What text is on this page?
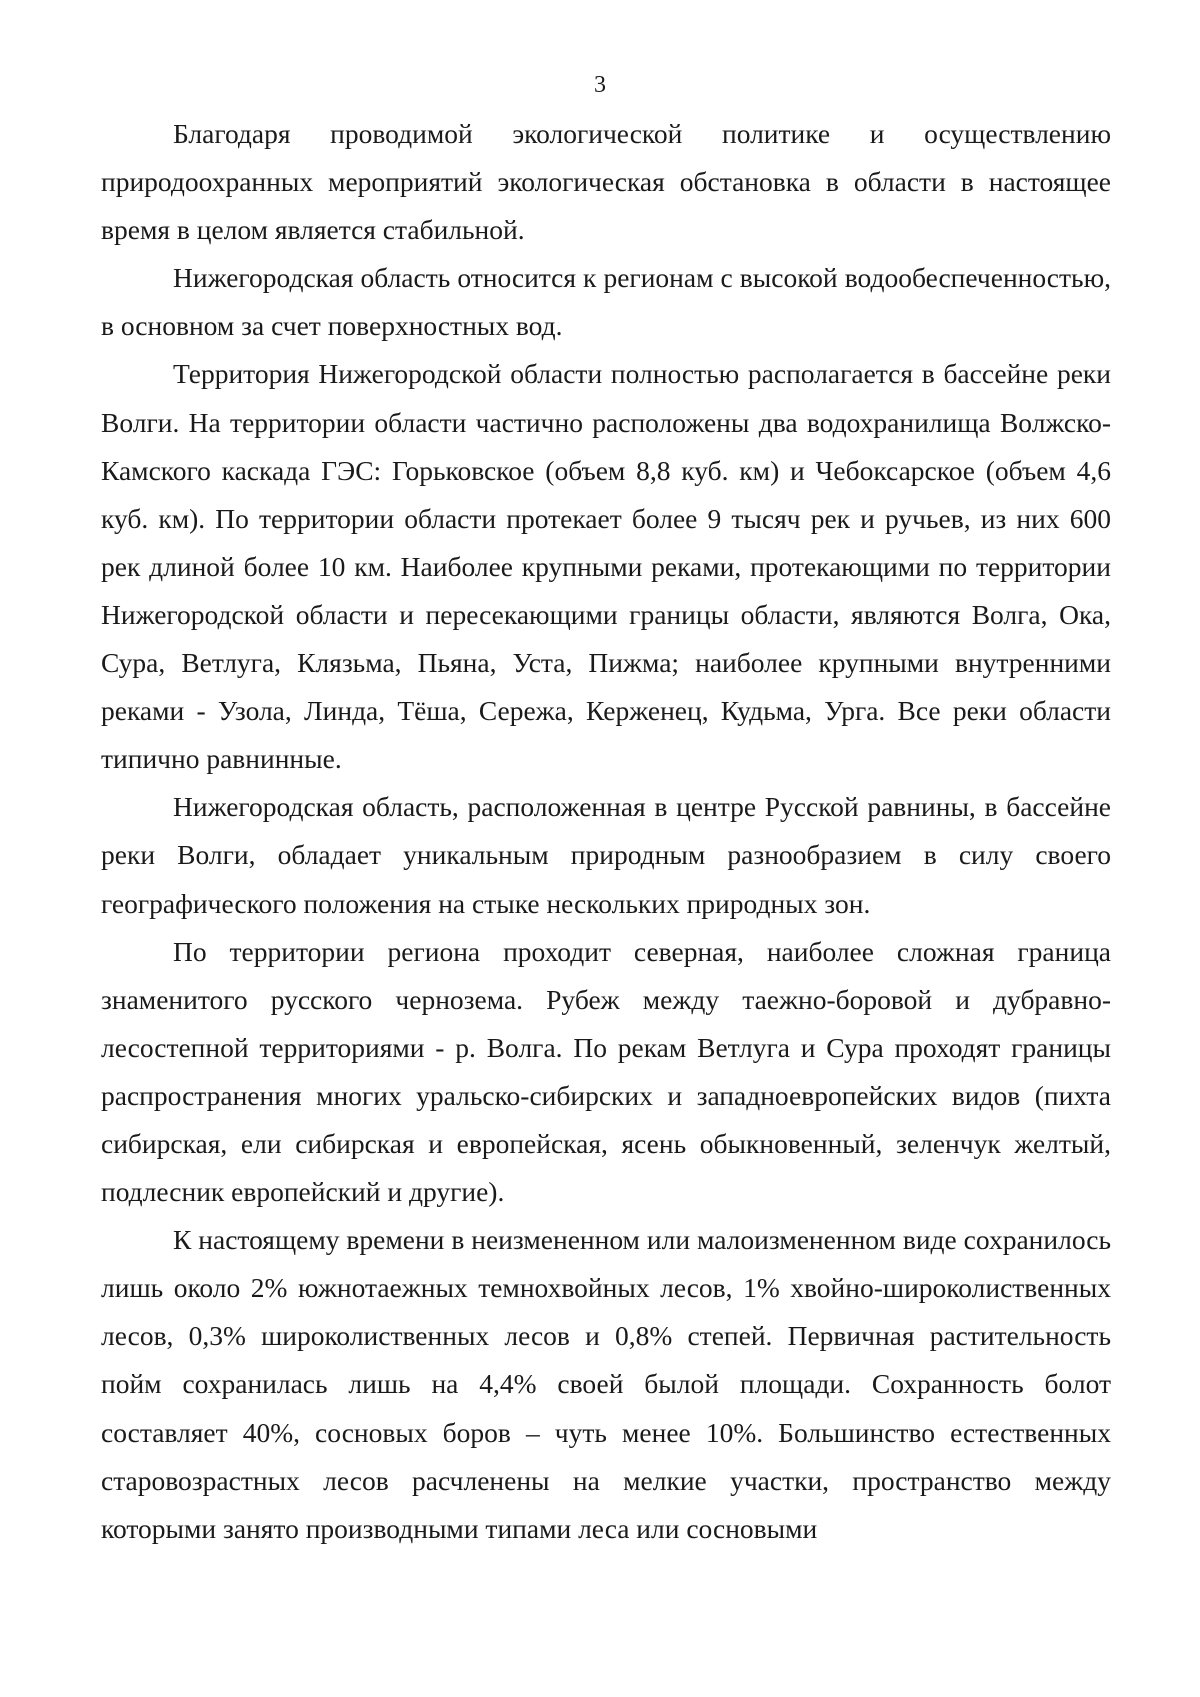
3

Благодаря проводимой экологической политике и осуществлению природоохранных мероприятий экологическая обстановка в области в настоящее время в целом является стабильной.

Нижегородская область относится к регионам с высокой водообеспеченностью, в основном за счет поверхностных вод.

Территория Нижегородской области полностью располагается в бассейне реки Волги. На территории области частично расположены два водохранилища Волжско-Камского каскада ГЭС: Горьковское (объем 8,8 куб. км) и Чебоксарское (объем 4,6 куб. км). По территории области протекает более 9 тысяч рек и ручьев, из них 600 рек длиной более 10 км. Наиболее крупными реками, протекающими по территории Нижегородской области и пересекающими границы области, являются Волга, Ока, Сура, Ветлуга, Клязьма, Пьяна, Уста, Пижма; наиболее крупными внутренними реками - Узола, Линда, Тёша, Сережа, Керженец, Кудьма, Урга. Все реки области типично равнинные.

Нижегородская область, расположенная в центре Русской равнины, в бассейне реки Волги, обладает уникальным природным разнообразием в силу своего географического положения на стыке нескольких природных зон.

По территории региона проходит северная, наиболее сложная граница знаменитого русского чернозема. Рубеж между таежно-боровой и дубравно-лесостепной территориями - р. Волга. По рекам Ветлуга и Сура проходят границы распространения многих уральско-сибирских и западноевропейских видов (пихта сибирская, ели сибирская и европейская, ясень обыкновенный, зеленчук желтый, подлесник европейский и другие).

К настоящему времени в неизмененном или малоизмененном виде сохранилось лишь около 2% южнотаежных темнохвойных лесов, 1% хвойно-широколиственных лесов, 0,3% широколиственных лесов и 0,8% степей. Первичная растительность пойм сохранилась лишь на 4,4% своей былой площади. Сохранность болот составляет 40%, сосновых боров – чуть менее 10%. Большинство естественных старовозрастных лесов расчленены на мелкие участки, пространство между которыми занято производными типами леса или сосновыми
